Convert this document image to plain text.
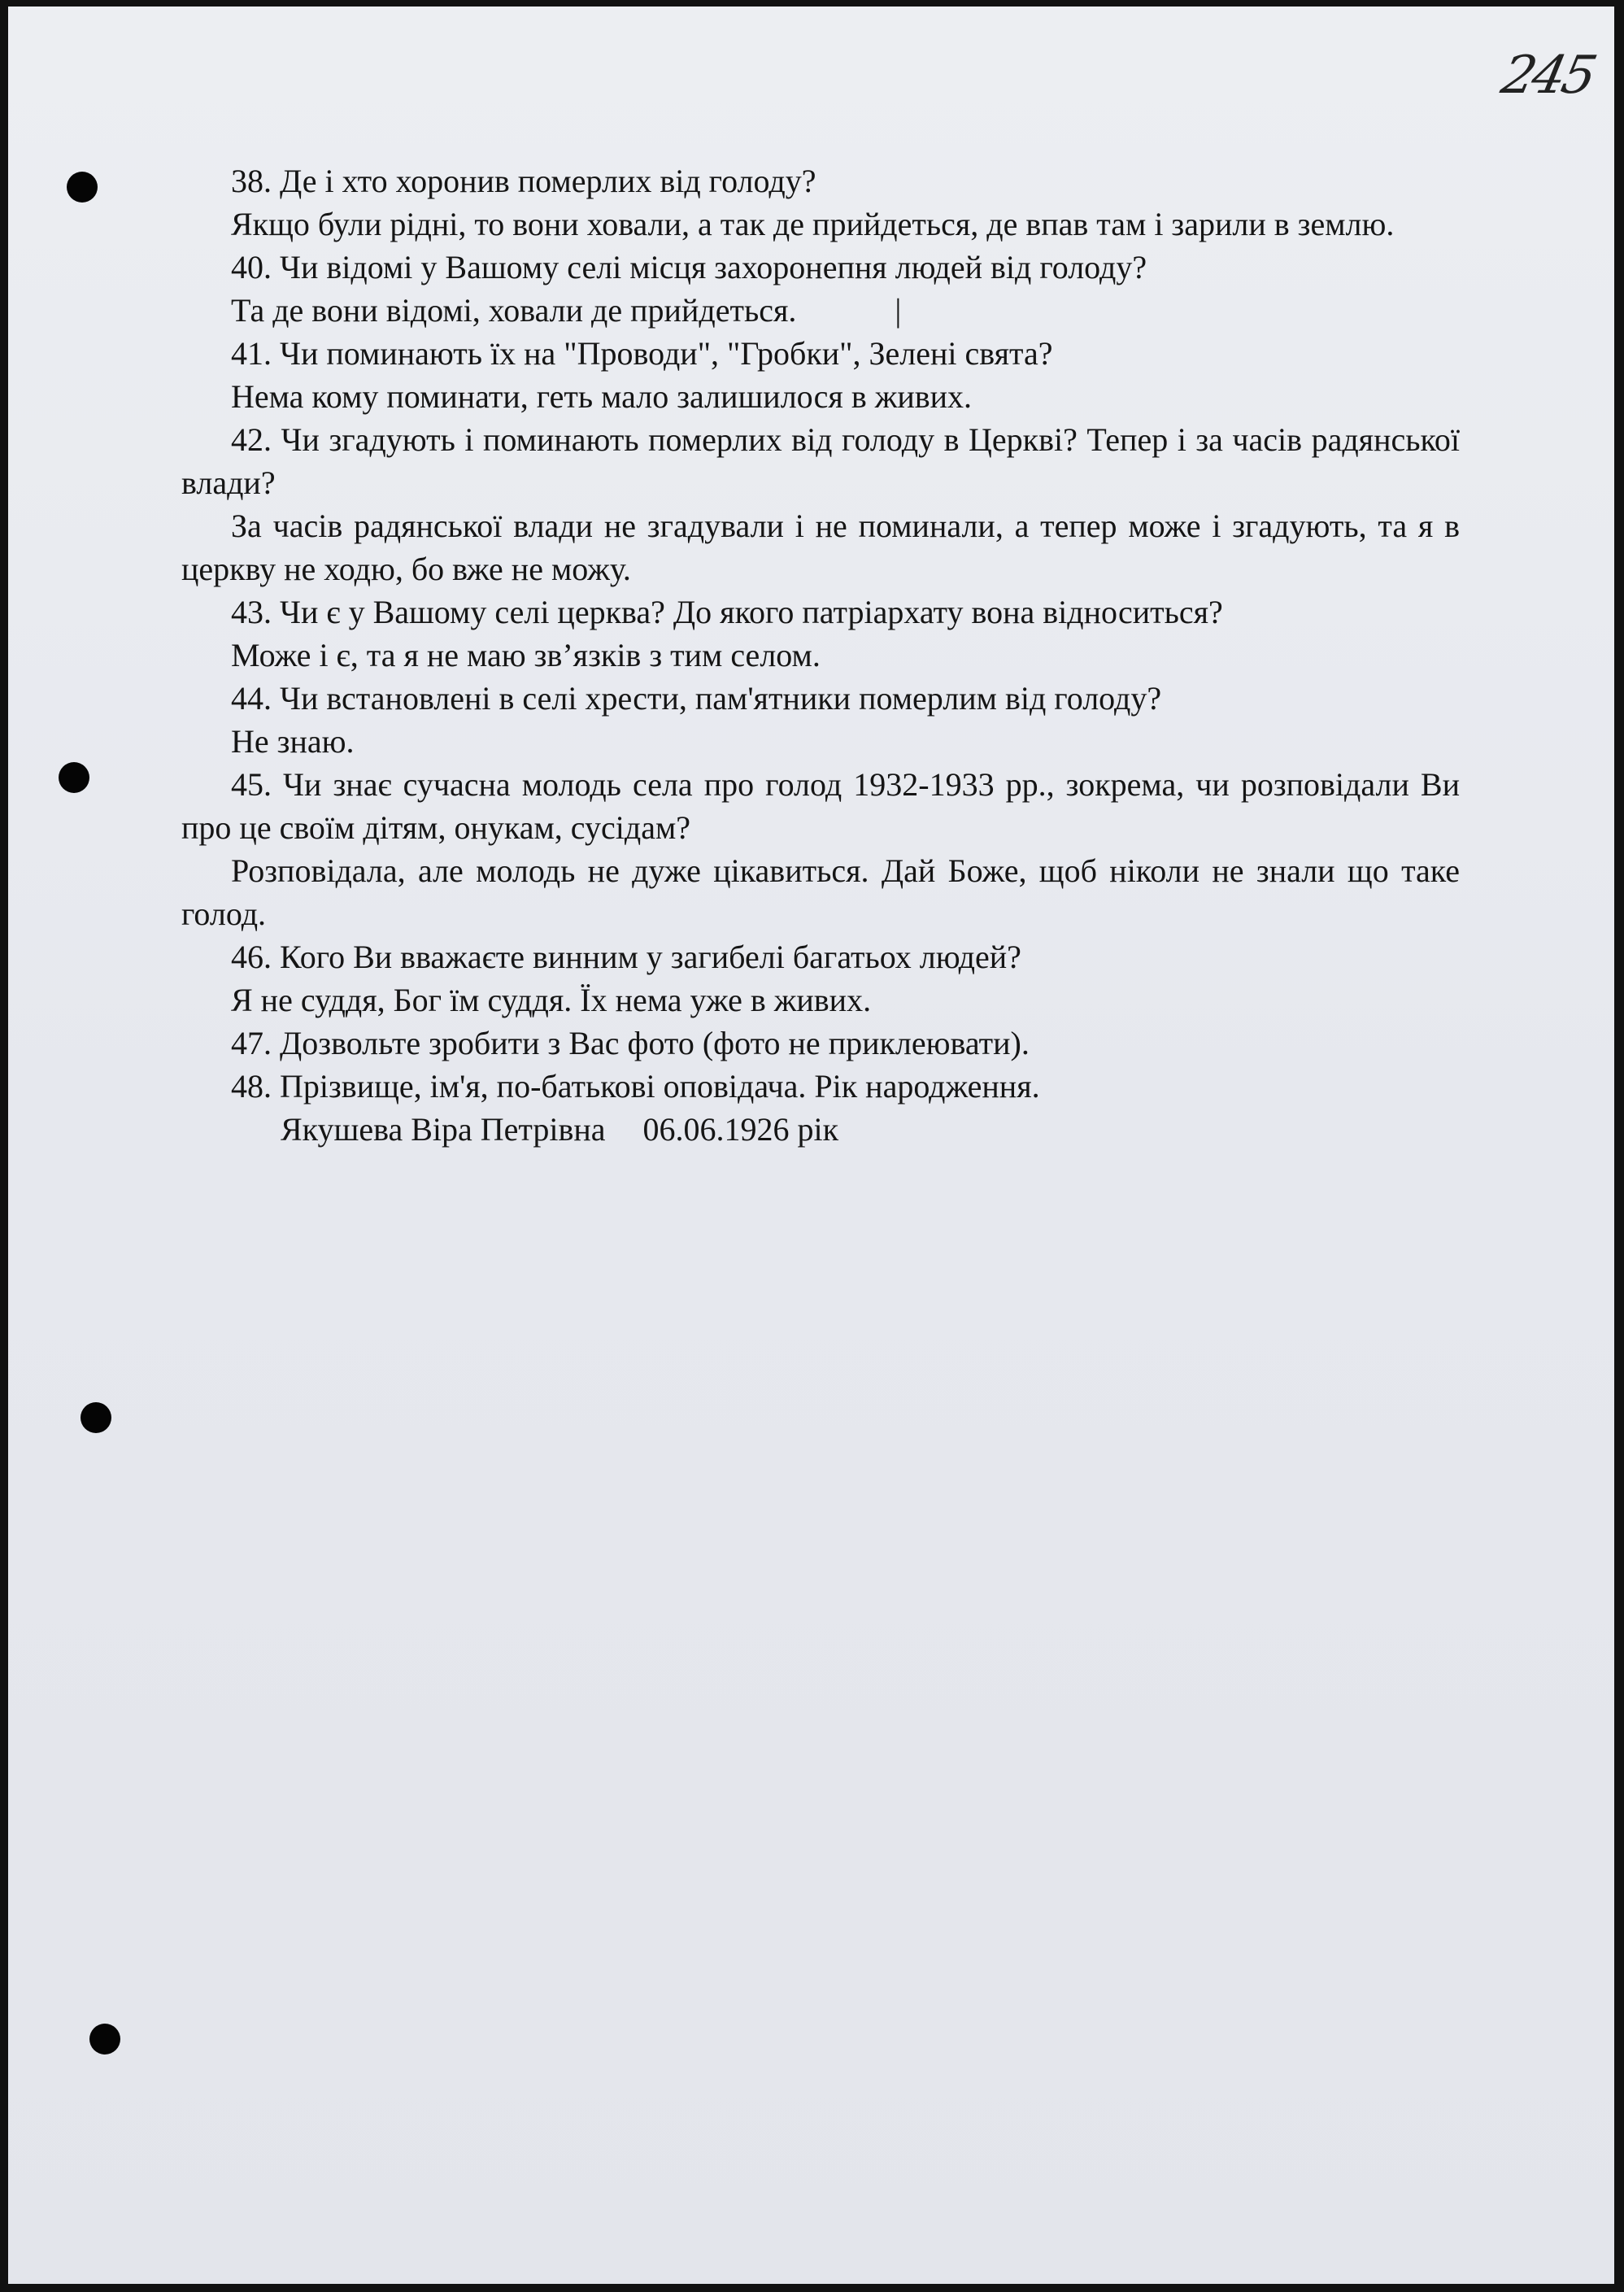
245

38. Де і хто хоронив померлих від голоду?

Якщо були рідні, то вони ховали, а так де прийдеться, де впав там і зарили в землю.

40. Чи відомі у Вашому селі місця захоронепня людей від голоду?

Та де вони відомі, ховали де прийдеться.	|

41. Чи поминають їх на "Проводи", "Гробки", Зелені свята?

Нема кому поминати, геть мало залишилося в живих.

42. Чи згадують і поминають померлих від голоду в Церкві? Тепер і за часів радянської влади?

За часів радянської влади не згадували і не поминали, а тепер може і згадують, та я в церкву не ходю, бо вже не можу.

43. Чи є у Вашому селі церква? До якого патріархату вона відноситься?

Може і є, та я не маю зв’язків з тим селом.

44. Чи встановлені в селі хрести, пам'ятники померлим від голоду?

Не знаю.

45. Чи знає сучасна молодь села про голод 1932-1933 рр., зокрема, чи розповідали Ви про це своїм дітям, онукам, сусідам?

Розповідала, але молодь не дуже цікавиться. Дай Боже, щоб ніколи не знали що таке голод.

46. Кого Ви вважаєте винним у загибелі багатьох людей?

Я не суддя, Бог їм суддя. Їх нема уже в живих.

47. Дозвольте зробити з Вас фото (фото не приклеювати).

48. Прізвище, ім'я, по-батькові оповідача. Рік народження.

Якушева Віра Петрівна 06.06.1926 рік
